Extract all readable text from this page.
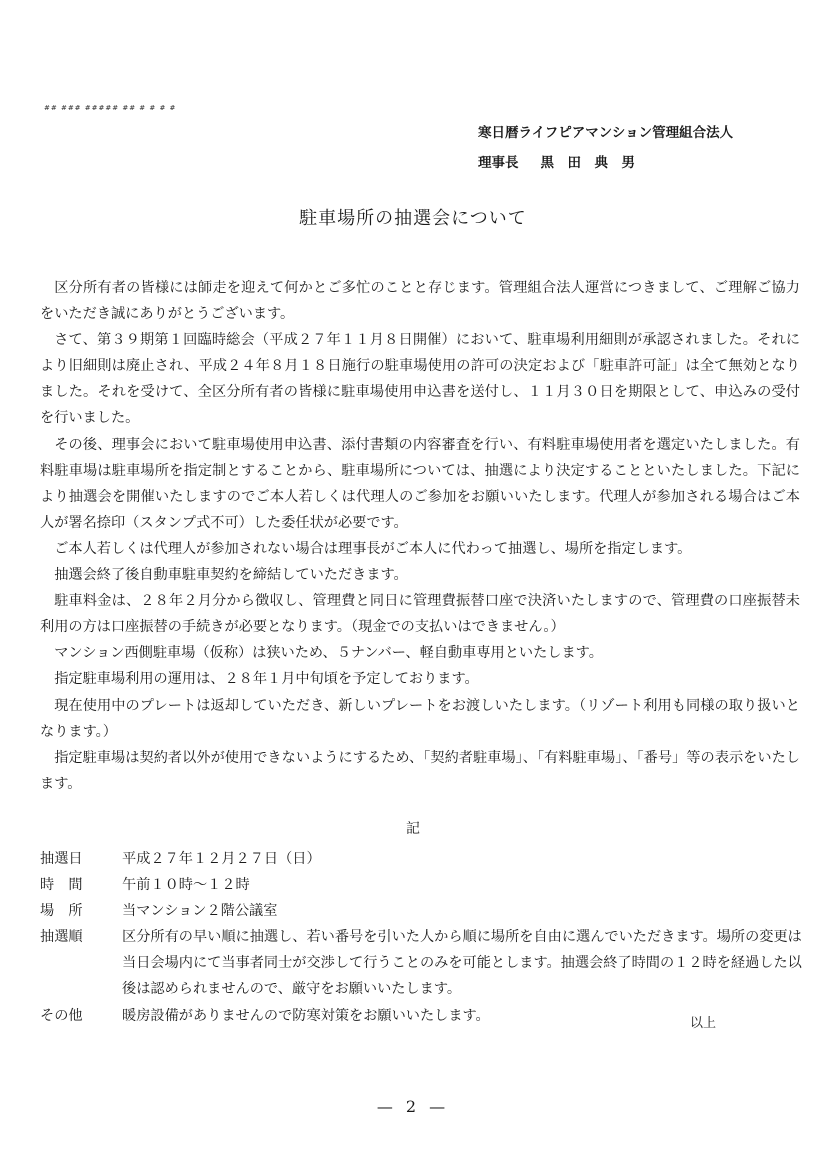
## ### ##### ## # # # #
寒日暦ライフピアマンション管理組合法人
理事長 黒　田　典　男
駐車場所の抽選会について

区分所有者の皆様には師走を迎えて何かとご多忙のことと存じます。管理組合法人運営につきまして、ご理解ご協力をいただき誠にありがとうございます。

さて、第３９期第１回臨時総会（平成２７年１１月８日開催）において、駐車場利用細則が承認されました。それにより旧細則は廃止され、平成２４年８月１８日施行の駐車場使用の許可の決定および「駐車許可証」は全て無効となりました。それを受けて、全区分所有者の皆様に駐車場使用申込書を送付し、１１月３０日を期限として、申込みの受付を行いました。

その後、理事会において駐車場使用申込書、添付書類の内容審査を行い、有料駐車場使用者を選定いたしました。有料駐車場は駐車場所を指定制とすることから、駐車場所については、抽選により決定することといたしました。下記により抽選会を開催いたしますのでご本人若しくは代理人のご参加をお願いいたします。代理人が参加される場合はご本人が署名捺印（スタンプ式不可）した委任状が必要です。

ご本人若しくは代理人が参加されない場合は理事長がご本人に代わって抽選し、場所を指定します。

抽選会終了後自動車駐車契約を締結していただきます。

駐車料金は、２８年２月分から徴収し、管理費と同日に管理費振替口座で決済いたしますので、管理費の口座振替未利用の方は口座振替の手続きが必要となります。（現金での支払いはできません。）

マンション西側駐車場（仮称）は狭いため、５ナンバー、軽自動車専用といたします。

指定駐車場利用の運用は、２８年１月中旬頃を予定しております。

現在使用中のプレートは返却していただき、新しいプレートをお渡しいたします。（リゾート利用も同様の取り扱いとなります。）

指定駐車場は契約者以外が使用できないようにするため、「契約者駐車場」、「有料駐車場」、「番号」等の表示をいたします。

記
抽選日	平成２７年１２月２７日（日）
時　間	午前１０時～１２時
場　所	当マンション２階公議室
抽選順	区分所有の早い順に抽選し、若い番号を引いた人から順に場所を自由に選んでいただきます。場所の変更は当日会場内にて当事者同士が交渉して行うことのみを可能とします。抽選会終了時間の１２時を経過した以後は認められませんので、厳守をお願いいたします。
その他	暖房設備がありませんので防寒対策をお願いいたします。	以上
— 2 —
